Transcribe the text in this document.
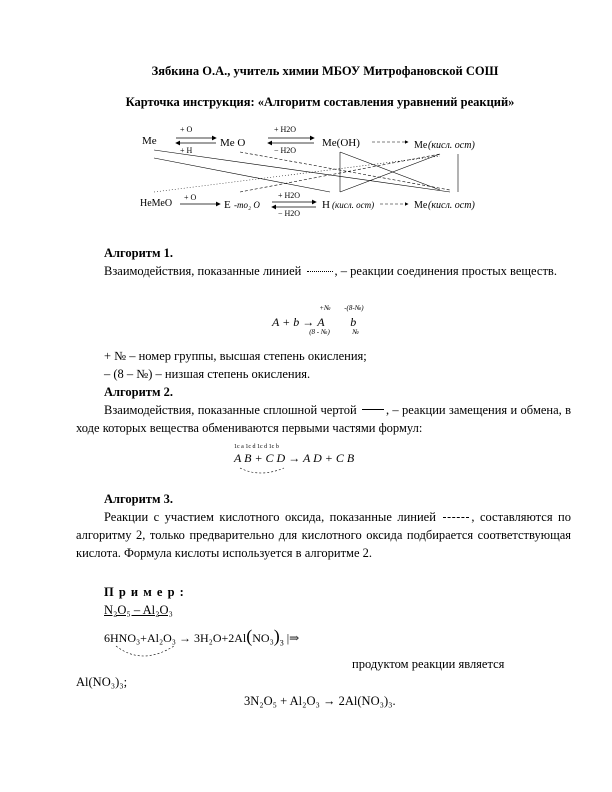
Зябкина О.А., учитель химии МБОУ Митрофановской СОШ
Карточка инструкция: «Алгоритм составления уравнений реакций»
Me	Me O	Me(OH)	Me (кисл. ост)
+ O
+ H
+ H2O
− H2O
НеМеО	E -mo₂ O	H (кисл. ост)	Me (кисл. ост)
+ O	+ H2O
− H2O
Алгоритм 1.
Взаимодействия, показанные линией	, – реакции соединения простых веществ.
A + b →
+№
A
(8 - №)

-(8-№)
b
№
+ № – номер группы, высшая степень окисления;
– (8 – №) – низшая степень окисления.
Алгоритм 2.
Взаимодействия, показанные сплошной чертой , – реакции замещения и обмена, в ходе которых вещества обмениваются первыми частями формул:
A B + C D → A D + C B
1c a 1c d 1c d 1c b
Алгоритм 3.
Реакции с участием кислотного оксида, показанные линией	, составляются по алгоритму 2, только предварительно для кислотного оксида подбирается соответствующая кислота. Формула кислоты используется в алгоритме 2.
П р и м е р :
N₂O₅ – Al₂O₃
$6HNO_3+Al_2O_3 \to 3H_2O+2Al(NO_3)_3$ |⇒
продуктом реакции является
Al(NO₃)₃;
3N₂O₅ + Al₂O₃ → 2Al(NO₃)₃.
